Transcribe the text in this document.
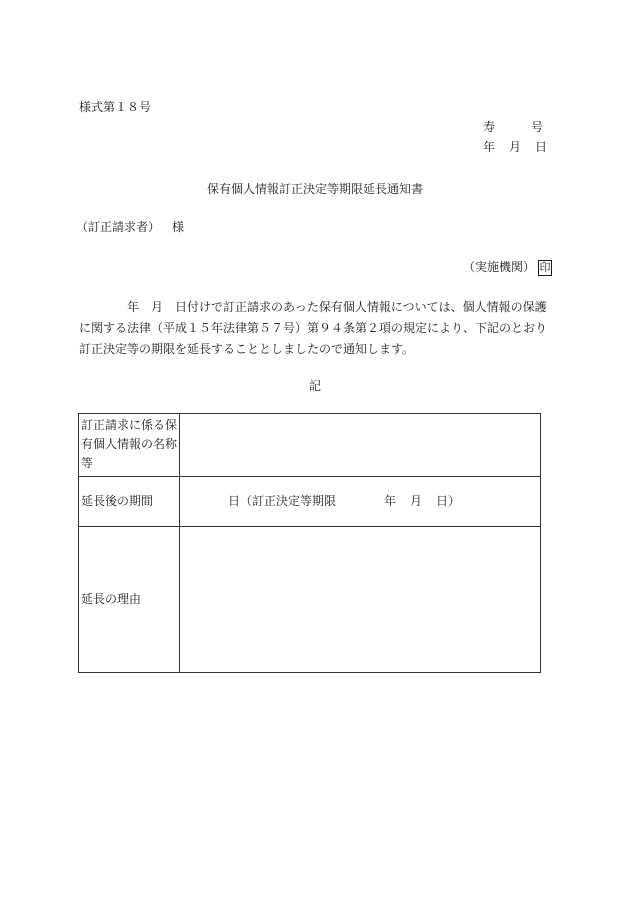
様式第１８号
寿	号
年 月 日
保有個人情報訂正決定等期限延長通知書
（訂正請求者） 様
（実施機関） 印

年 月 日付けで訂正請求のあった保有個人情報については、個人情報の保護に関する法律（平成１５年法律第５７号）第９４条第２項の規定により、下記のとおり訂正決定等の期限を延長することとしましたので通知します。

記
訂正請求に係る保有個人情報の名称等	
延長後の期間	日（訂正決定等期限 年 月 日）
延長の理由	
